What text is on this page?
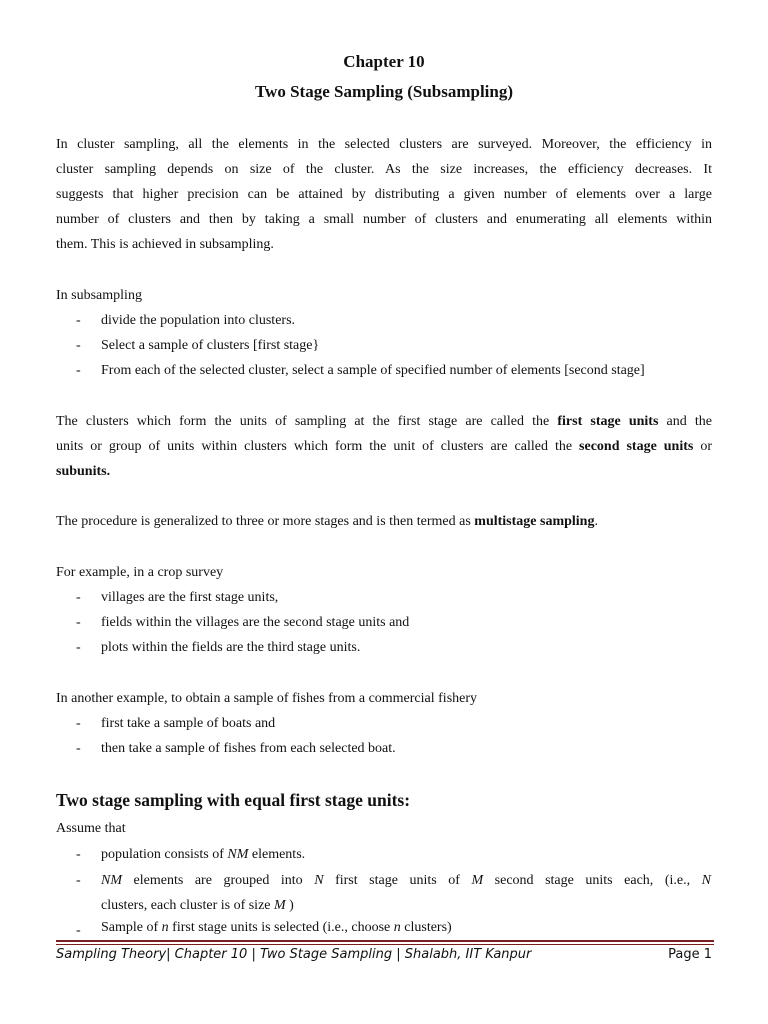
Chapter 10
Two Stage Sampling (Subsampling)
In cluster sampling, all the elements in the selected clusters are surveyed. Moreover, the efficiency in
cluster sampling depends on size of the cluster. As the size increases, the efficiency decreases. It
suggests that higher precision can be attained by distributing a given number of elements over a large
number of clusters and then by taking a small number of clusters and enumerating all elements within
them. This is achieved in subsampling.
In subsampling
- divide the population into clusters.
- Select a sample of clusters [first stage}
- From each of the selected cluster, select a sample of specified number of elements [second stage]
The clusters which form the units of sampling at the first stage are called the first stage units and the
units or group of units within clusters which form the unit of clusters are called the second stage units or
subunits.
The procedure is generalized to three or more stages and is then termed as multistage sampling.
For example, in a crop survey
- villages are the first stage units,
- fields within the villages are the second stage units and
- plots within the fields are the third stage units.
In another example, to obtain a sample of fishes from a commercial fishery
- first take a sample of boats and
- then take a sample of fishes from each selected boat.
Two stage sampling with equal first stage units:
Assume that
- population consists of NM elements.
- NM elements are grouped into N first stage units of M second stage units each, (i.e., N
clusters, each cluster is of size M )
- Sample of n first stage units is selected (i.e., choose n clusters)
Sampling Theory| Chapter 10 | Two Stage Sampling | Shalabh, IIT Kanpur	Page 1
